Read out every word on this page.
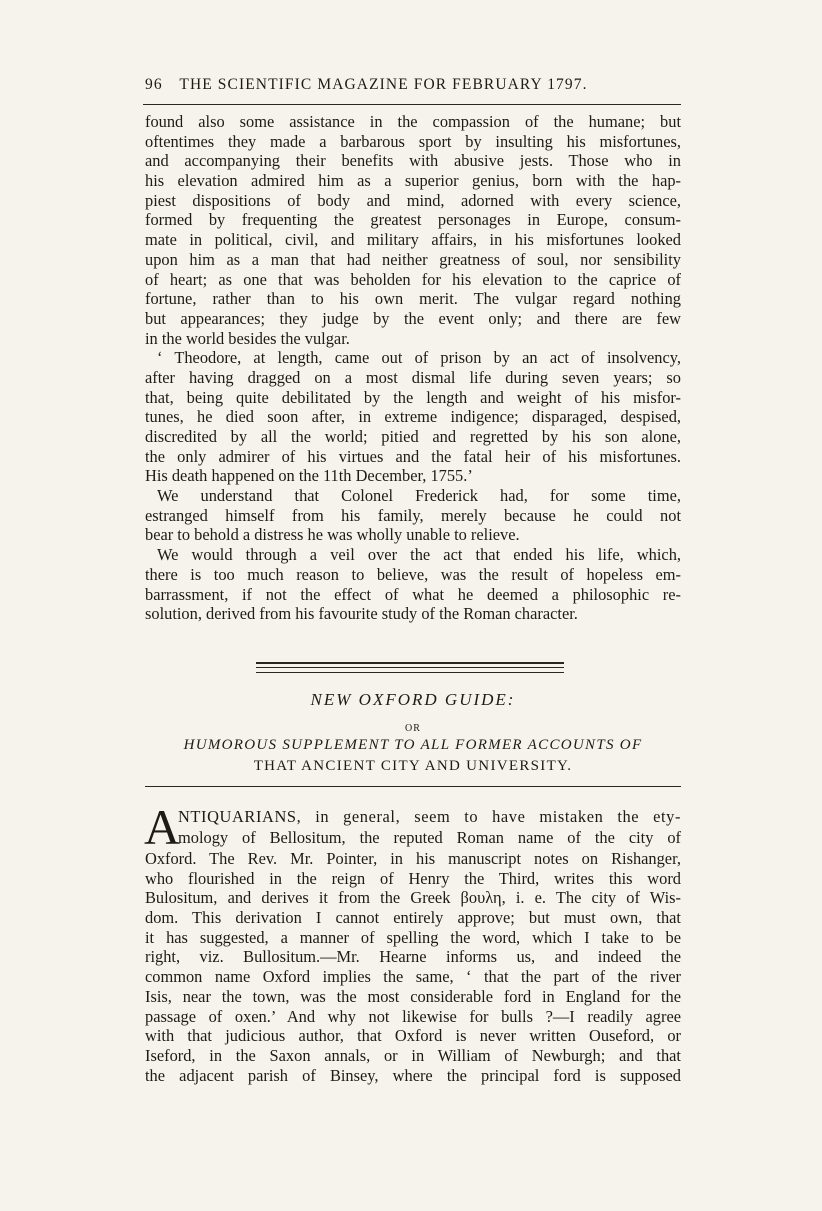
96 THE SCIENTIFIC MAGAZINE FOR FEBRUARY 1797.
found also some assistance in the compassion of the humane; but
oftentimes they made a barbarous sport by insulting his misfortunes,
and accompanying their benefits with abusive jests. Those who in
his elevation admired him as a superior genius, born with the hap-
piest dispositions of body and mind, adorned with every science,
formed by frequenting the greatest personages in Europe, consum-
mate in political, civil, and military affairs, in his misfortunes looked
upon him as a man that had neither greatness of soul, nor sensibility
of heart; as one that was beholden for his elevation to the caprice of
fortune, rather than to his own merit. The vulgar regard nothing
but appearances; they judge by the event only; and there are few
in the world besides the vulgar.
‘ Theodore, at length, came out of prison by an act of insolvency,
after having dragged on a most dismal life during seven years; so
that, being quite debilitated by the length and weight of his misfor-
tunes, he died soon after, in extreme indigence; disparaged, despised,
discredited by all the world; pitied and regretted by his son alone,
the only admirer of his virtues and the fatal heir of his misfortunes.
His death happened on the 11th December, 1755.’
We understand that Colonel Frederick had, for some time,
estranged himself from his family, merely because he could not
bear to behold a distress he was wholly unable to relieve.
We would through a veil over the act that ended his life, which,
there is too much reason to believe, was the result of hopeless em-
barrassment, if not the effect of what he deemed a philosophic re-
solution, derived from his favourite study of the Roman character.
NEW OXFORD GUIDE:
OR
HUMOROUS SUPPLEMENT TO ALL FORMER ACCOUNTS OF
THAT ANCIENT CITY AND UNIVERSITY.
A
NTIQUARIANS, in general, seem to have mistaken the ety-
mology of Bellositum, the reputed Roman name of the city of
Oxford. The Rev. Mr. Pointer, in his manuscript notes on Rishanger,
who flourished in the reign of Henry the Third, writes this word
Bulositum, and derives it from the Greek βουλη, i. e. The city of Wis-
dom. This derivation I cannot entirely approve; but must own, that
it has suggested, a manner of spelling the word, which I take to be
right, viz. Bullositum.—Mr. Hearne informs us, and indeed the
common name Oxford implies the same, ‘ that the part of the river
Isis, near the town, was the most considerable ford in England for the
passage of oxen.’ And why not likewise for bulls ?—I readily agree
with that judicious author, that Oxford is never written Ouseford, or
Iseford, in the Saxon annals, or in William of Newburgh; and that
the adjacent parish of Binsey, where the principal ford is supposed
